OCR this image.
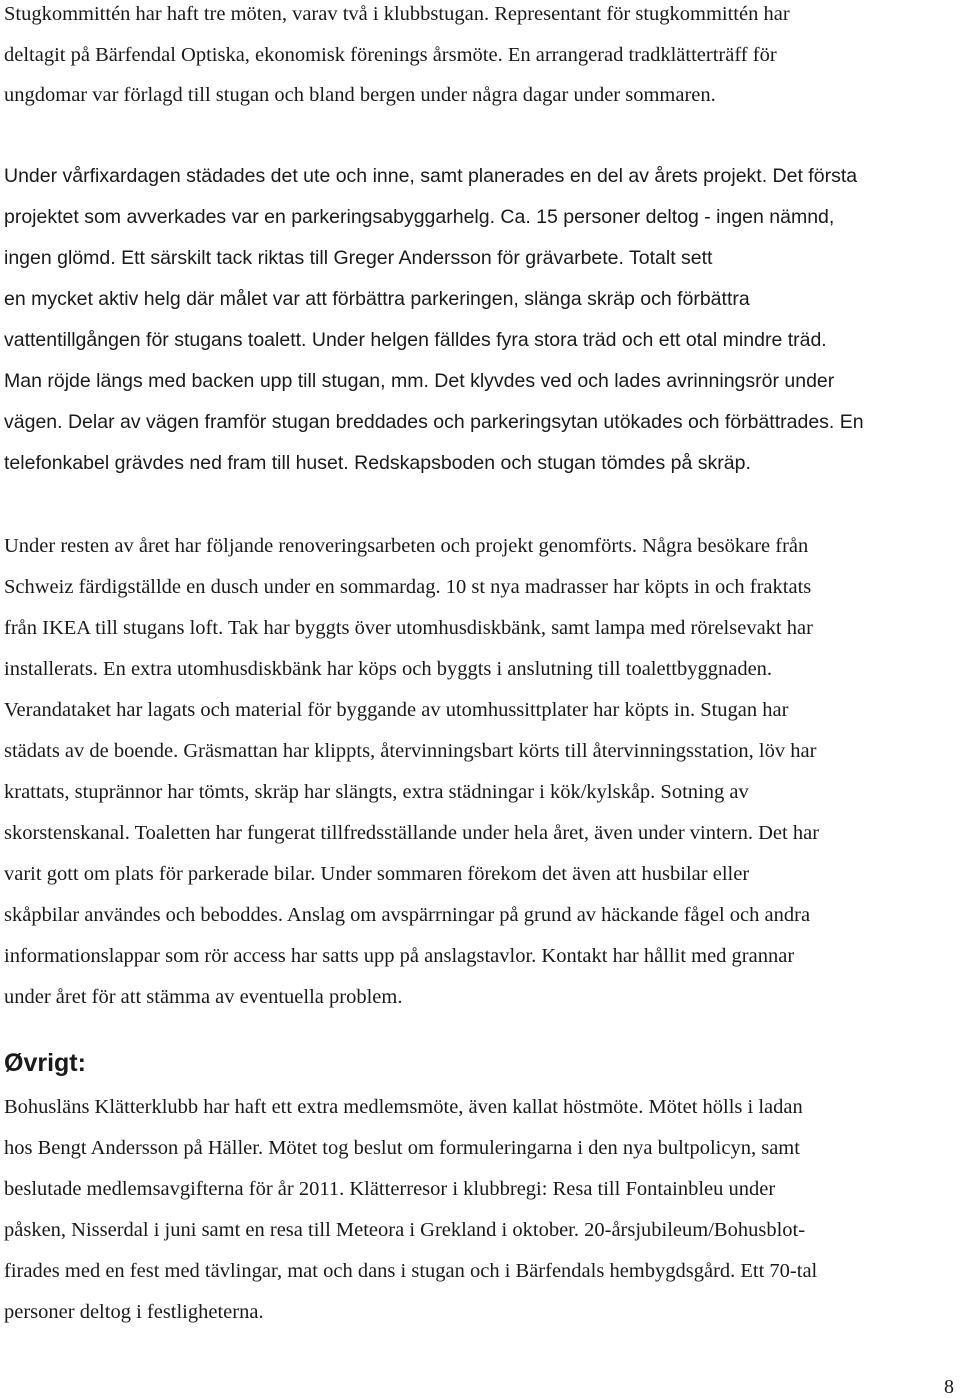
Stugkommittén har haft tre möten, varav två i klubbstugan. Representant för stugkommittén har
deltagit på Bärfendal Optiska, ekonomisk förenings årsmöte. En arrangerad tradklätterträff för
ungdomar var förlagd till stugan och bland bergen under några dagar under sommaren.
Under vårfixardagen städades det ute och inne, samt planerades en del av årets projekt. Det första
projektet som avverkades var en parkeringsabyggarhelg. Ca. 15 personer deltog - ingen nämnd,
ingen glömd. Ett särskilt tack riktas till Greger Andersson för grävarbete. Totalt sett
en mycket aktiv helg där målet var att förbättra parkeringen, slänga skräp och förbättra
vattentillgången för stugans toalett. Under helgen fälldes fyra stora träd och ett otal mindre träd.
Man röjde längs med backen upp till stugan, mm. Det klyvdes ved och lades avrinningsrör under
vägen. Delar av vägen framför stugan breddades och parkeringsytan utökades och förbättrades. En
telefonkabel grävdes ned fram till huset. Redskapsboden och stugan tömdes på skräp.
Under resten av året har följande renoveringsarbeten och projekt genomförts. Några besökare från
Schweiz färdigställde en dusch under en sommardag. 10 st nya madrasser har köpts in och fraktats
från IKEA till stugans loft. Tak har byggts över utomhusdiskbänk, samt lampa med rörelsevakt har
installerats. En extra utomhusdiskbänk har köps och byggts i anslutning till toalettbyggnaden.
Verandataket har lagats och material för byggande av utomhussittplater har köpts in. Stugan har
städats av de boende. Gräsmattan har klippts, återvinningsbart körts till återvinningsstation, löv har
krattats, stuprännor har tömts, skräp har slängts, extra städningar i kök/kylskåp. Sotning av
skorstenskanal. Toaletten har fungerat tillfredsställande under hela året, även under vintern. Det har
varit gott om plats för parkerade bilar. Under sommaren förekom det även att husbilar eller
skåpbilar användes och beboddes. Anslag om avspärrningar på grund av häckande fågel och andra
informationslappar som rör access har satts upp på anslagstavlor. Kontakt har hållit med grannar
under året för att stämma av eventuella problem.
Øvrigt:
Bohusläns Klätterklubb har haft ett extra medlemsmöte, även kallat höstmöte. Mötet hölls i ladan
hos Bengt Andersson på Häller. Mötet tog beslut om formuleringarna i den nya bultpolicyn, samt
beslutade medlemsavgifterna för år 2011. Klätterresor i klubbregi: Resa till Fontainbleu under
påsken, Nisserdal i juni samt en resa till Meteora i Grekland i oktober. 20-årsjubileum/Bohusblot-
firades med en fest med tävlingar, mat och dans i stugan och i Bärfendals hembygdsgård. Ett 70-tal
personer deltog i festligheterna.
8
